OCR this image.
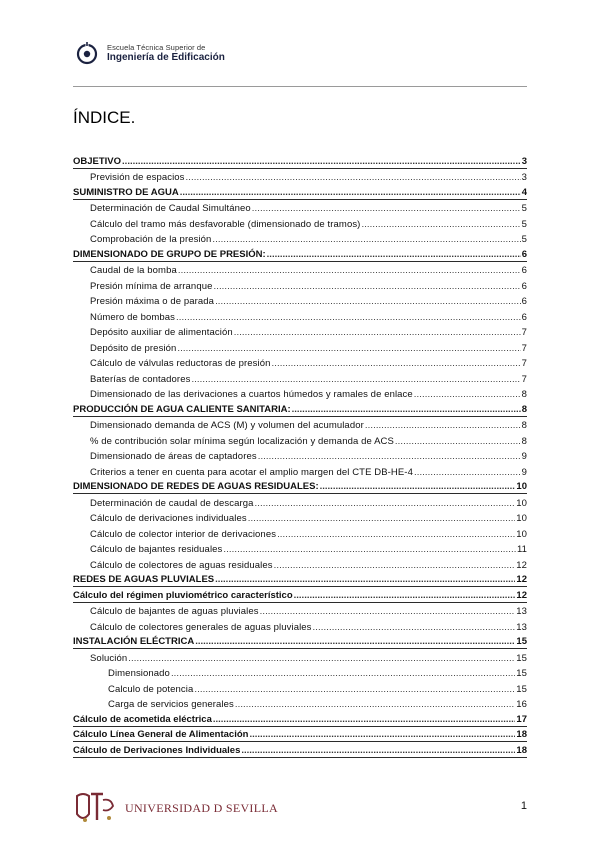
Escuela Técnica Superior de
Ingeniería de Edificación
ÍNDICE.
OBJETIVO .....	3
Previsión de espacios .....	3
SUMINISTRO DE AGUA .....	4
Determinación de Caudal Simultáneo .....	5
Cálculo del tramo más desfavorable (dimensionado de tramos) .....	5
Comprobación de la presión .....	5
DIMENSIONADO DE GRUPO DE PRESIÓN: .....	6
Caudal de la bomba .....	6
Presión mínima de arranque .....	6
Presión máxima o de parada .....	6
Número de bombas .....	6
Depósito auxiliar de alimentación .....	7
Depósito de presión .....	7
Cálculo de válvulas reductoras de presión .....	7
Baterías de contadores .....	7
Dimensionado de las derivaciones a cuartos húmedos y ramales de enlace .....	8
PRODUCCIÓN DE AGUA CALIENTE SANITARIA: .....	8
Dimensionado demanda de ACS (M) y volumen del acumulador .....	8
% de contribución solar mínima según localización y demanda de ACS .....	8
Dimensionado de áreas de captadores .....	9
Criterios a tener en cuenta para acotar el amplio margen del CTE DB-HE-4 .....	9
DIMENSIONADO DE REDES DE AGUAS RESIDUALES: .....	10
Determinación de caudal de descarga .....	10
Cálculo de derivaciones individuales .....	10
Cálculo de colector interior de derivaciones .....	10
Cálculo de bajantes residuales .....	11
Cálculo de colectores de aguas residuales .....	12
REDES DE AGUAS PLUVIALES .....	12
Cálculo del régimen pluviométrico característico .....	12
Cálculo de bajantes de aguas pluviales .....	13
Cálculo de colectores generales de aguas pluviales .....	13
INSTALACIÓN ELÉCTRICA .....	15
Solución .....	15
Dimensionado .....	15
Calculo de potencia .....	15
Carga de servicios generales .....	16
Cálculo de acometida eléctrica .....	17
Cálculo Línea General de Alimentación .....	18
Cálculo de Derivaciones Individuales .....	18
UNIVERSIDAD D SEVILLA	1
